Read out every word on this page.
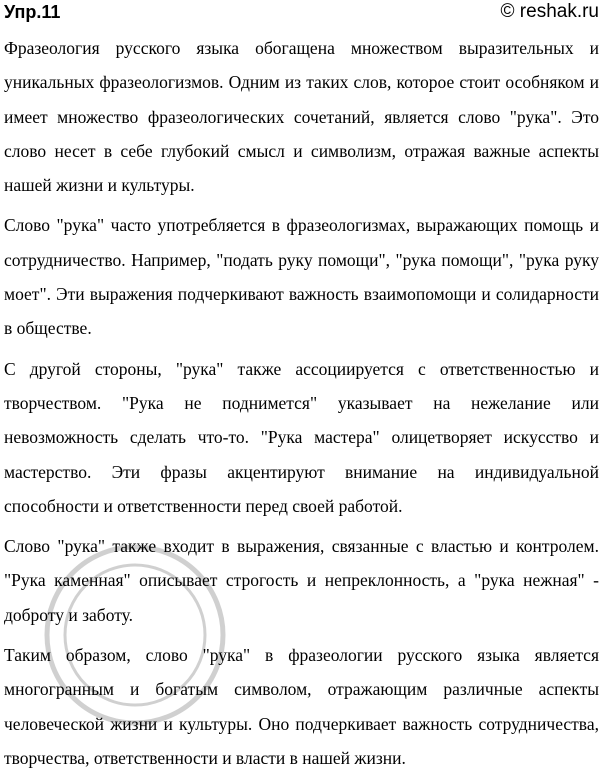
Упр.11	© reshak.ru

Фразеология русского языка обогащена множеством выразительных и уникальных фразеологизмов. Одним из таких слов, которое стоит особняком и имеет множество фразеологических сочетаний, является слово "рука". Это слово несет в себе глубокий смысл и символизм, отражая важные аспекты нашей жизни и культуры.

Слово "рука" часто употребляется в фразеологизмах, выражающих помощь и сотрудничество. Например, "подать руку помощи", "рука помощи", "рука руку моет". Эти выражения подчеркивают важность взаимопомощи и солидарности в обществе.

С другой стороны, "рука" также ассоциируется с ответственностью и творчеством. "Рука не поднимется" указывает на нежелание или невозможность сделать что-то. "Рука мастера" олицетворяет искусство и мастерство. Эти фразы акцентируют внимание на индивидуальной способности и ответственности перед своей работой.

Слово "рука" также входит в выражения, связанные с властью и контролем. "Рука каменная" описывает строгость и непреклонность, а "рука нежная" - доброту и заботу.

Таким образом, слово "рука" в фразеологии русского языка является многогранным и богатым символом, отражающим различные аспекты человеческой жизни и культуры. Оно подчеркивает важность сотрудничества, творчества, ответственности и власти в нашей жизни.
